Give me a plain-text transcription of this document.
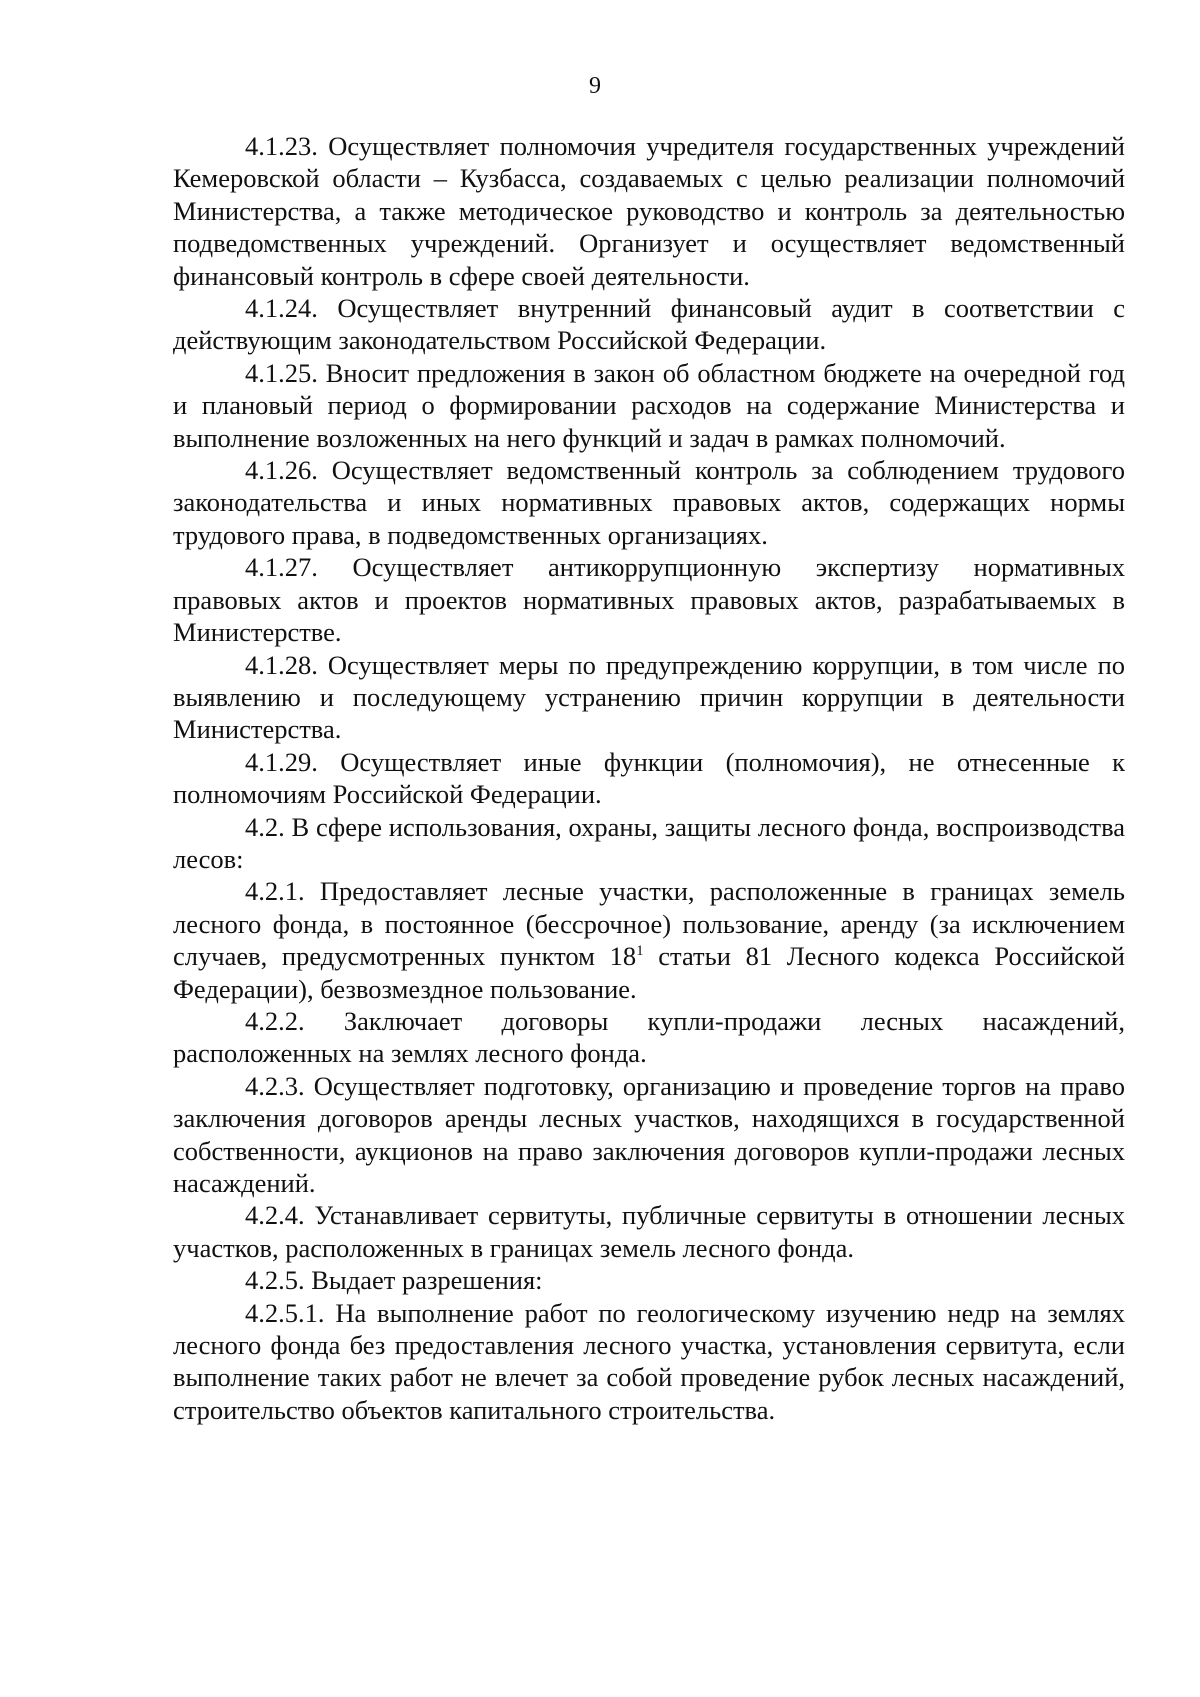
9

4.1.23. Осуществляет полномочия учредителя государственных учреждений Кемеровской области – Кузбасса, создаваемых с целью реализации полномочий Министерства, а также методическое руководство и контроль за деятельностью подведомственных учреждений. Организует и осуществляет ведомственный финансовый контроль в сфере своей деятельности.

4.1.24. Осуществляет внутренний финансовый аудит в соответствии с действующим законодательством Российской Федерации.

4.1.25. Вносит предложения в закон об областном бюджете на очередной год и плановый период о формировании расходов на содержание Министерства и выполнение возложенных на него функций и задач в рамках полномочий.

4.1.26. Осуществляет ведомственный контроль за соблюдением трудового законодательства и иных нормативных правовых актов, содержащих нормы трудового права, в подведомственных организациях.

4.1.27. Осуществляет антикоррупционную экспертизу нормативных правовых актов и проектов нормативных правовых актов, разрабатываемых в Министерстве.

4.1.28. Осуществляет меры по предупреждению коррупции, в том числе по выявлению и последующему устранению причин коррупции в деятельности Министерства.

4.1.29. Осуществляет иные функции (полномочия), не отнесенные к полномочиям Российской Федерации.

4.2. В сфере использования, охраны, защиты лесного фонда, воспроизводства лесов:

4.2.1. Предоставляет лесные участки, расположенные в границах земель лесного фонда, в постоянное (бессрочное) пользование, аренду (за исключением случаев, предусмотренных пунктом $18^1$ статьи 81 Лесного кодекса Российской Федерации), безвозмездное пользование.

4.2.2. Заключает договоры купли-продажи лесных насаждений, расположенных на землях лесного фонда.

4.2.3. Осуществляет подготовку, организацию и проведение торгов на право заключения договоров аренды лесных участков, находящихся в государственной собственности, аукционов на право заключения договоров купли-продажи лесных насаждений.

4.2.4. Устанавливает сервитуты, публичные сервитуты в отношении лесных участков, расположенных в границах земель лесного фонда.

4.2.5. Выдает разрешения:

4.2.5.1. На выполнение работ по геологическому изучению недр на землях лесного фонда без предоставления лесного участка, установления сервитута, если выполнение таких работ не влечет за собой проведение рубок лесных насаждений, строительство объектов капитального строительства.
